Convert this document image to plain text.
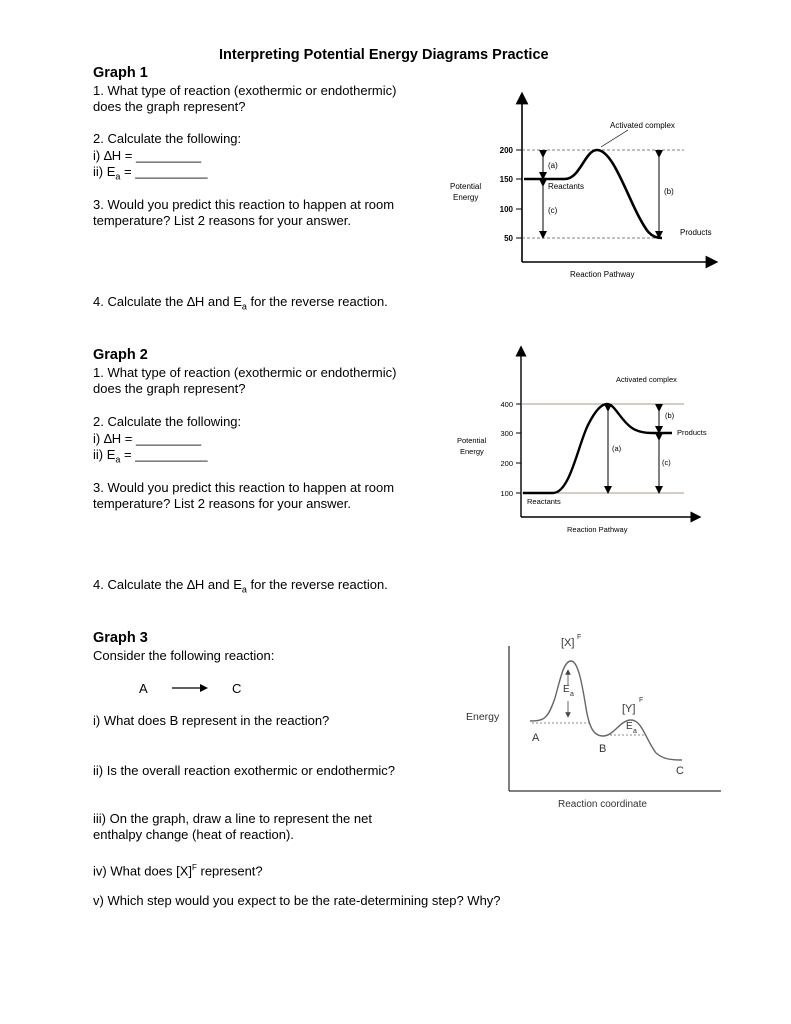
Interpreting Potential Energy Diagrams Practice
Graph 1
1. What type of reaction (exothermic or endothermic)
does the graph represent?
2. Calculate the following:
i) ∆H = _________
ii) $E_a$ = __________
3. Would you predict this reaction to happen at room
temperature? List 2 reasons for your answer.
4. Calculate the ∆H and $E_a$ for the reverse reaction.
200
150
100
50
(a)
(c)
(b)
Reactants
Products
Activated complex
Potential
Energy
Reaction Pathway
Graph 2
1. What type of reaction (exothermic or endothermic)
does the graph represent?
2. Calculate the following:
i) ∆H = _________
ii) $E_a$ = __________
3. Would you predict this reaction to happen at room
temperature? List 2 reasons for your answer.
4. Calculate the ∆H and $E_a$ for the reverse reaction.
400
300
200
100
(a)
(b)
(c)
Products
Reactants
Activated complex
Potential
Energy
Reaction Pathway
Graph 3
Consider the following reaction:
A → C
i) What does B represent in the reaction?
ii) Is the overall reaction exothermic or endothermic?
iii) On the graph, draw a line to represent the net
enthalpy change (heat of reaction).
iv) What does $[X]^F$ represent?
v) Which step would you expect to be the rate-determining step? Why?
[X] F
E a
[Y]
F
E a
A
B
C
Energy
Reaction coordinate
